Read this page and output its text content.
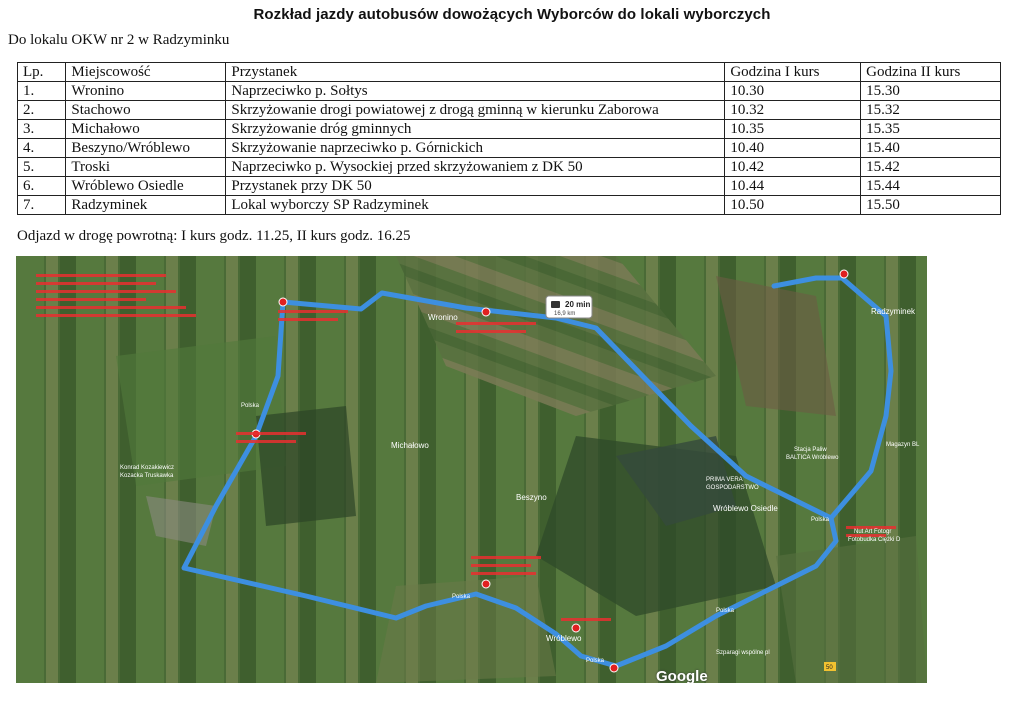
Rozkład jazdy autobusów dowożących Wyborców do lokali wyborczych
Do lokalu OKW nr 2 w Radzyminku
Lp.	Miejscowość	Przystanek	Godzina I kurs	Godzina II kurs
1.	Wronino	Naprzeciwko p. Sołtys	10.30	15.30
2.	Stachowo	Skrzyżowanie drogi powiatowej z drogą gminną w kierunku Zaborowa	10.32	15.32
3.	Michałowo	Skrzyżowanie dróg gminnych	10.35	15.35
4.	Beszyno/Wróblewo	Skrzyżowanie naprzeciwko p. Górnickich	10.40	15.40
5.	Troski	Naprzeciwko p. Wysockiej przed skrzyżowaniem z DK 50	10.42	15.42
6.	Wróblewo Osiedle	Przystanek przy DK 50	10.44	15.44
7.	Radzyminek	Lokal wyborczy SP Radzyminek	10.50	15.50
Odjazd w drogę powrotną: I kurs godz. 11.25, II kurs godz. 16.25
20 min
16,9 km
Wronino
Michałowo
Beszyno
Wróblewo Osiedle
Wróblewo
Radzyminek
Polska
Polska
Polska
Polska
Polska
Konrad Kozakiewicz
Kozacka Truskawka
PRIMA VERA
GOSPODARSTWO
Stacja Paliw
BALTICA Wróblewo
Magazyn BL
Nut Art Fotogr
Fotobudka Ciężki D
Szparagi wspólne pl
50
Google
